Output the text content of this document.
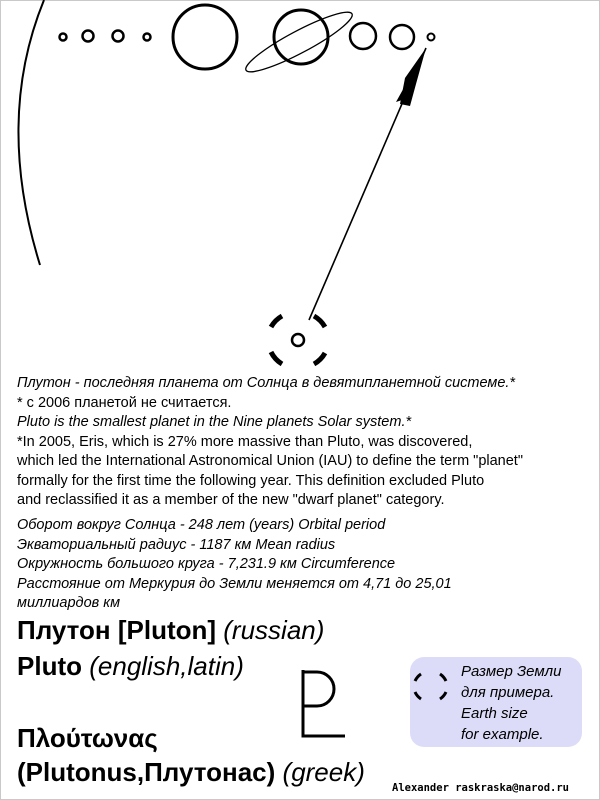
Плутон - последняя планета от Солнца в девятипланетной системе.*
* с 2006 планетой не считается.
Pluto is the smallest planet in the Nine planets Solar system.*
*In 2005, Eris, which is 27% more massive than Pluto, was discovered,
which led the International Astronomical Union (IAU) to define the term "planet"
formally for the first time the following year. This definition excluded Pluto
and reclassified it as a member of the new "dwarf planet" category.
Оборот вокруг Солнца - 248 лет (years) Orbital period
Экваториальный радиус - 1187 км Mean radius
Окружность большого круга - 7,231.9 км Circumference
Расстояние от Меркурия до Земли меняется от 4,71 до 25,01
миллиардов км
Плутон [Pluton] (russian)
Pluto (english,latin)
Πλούτωνας
(Plutonus,Плутонас) (greek)
Размер Земли
для примера.
Earth size
for example.
Alexander raskraska@narod.ru
